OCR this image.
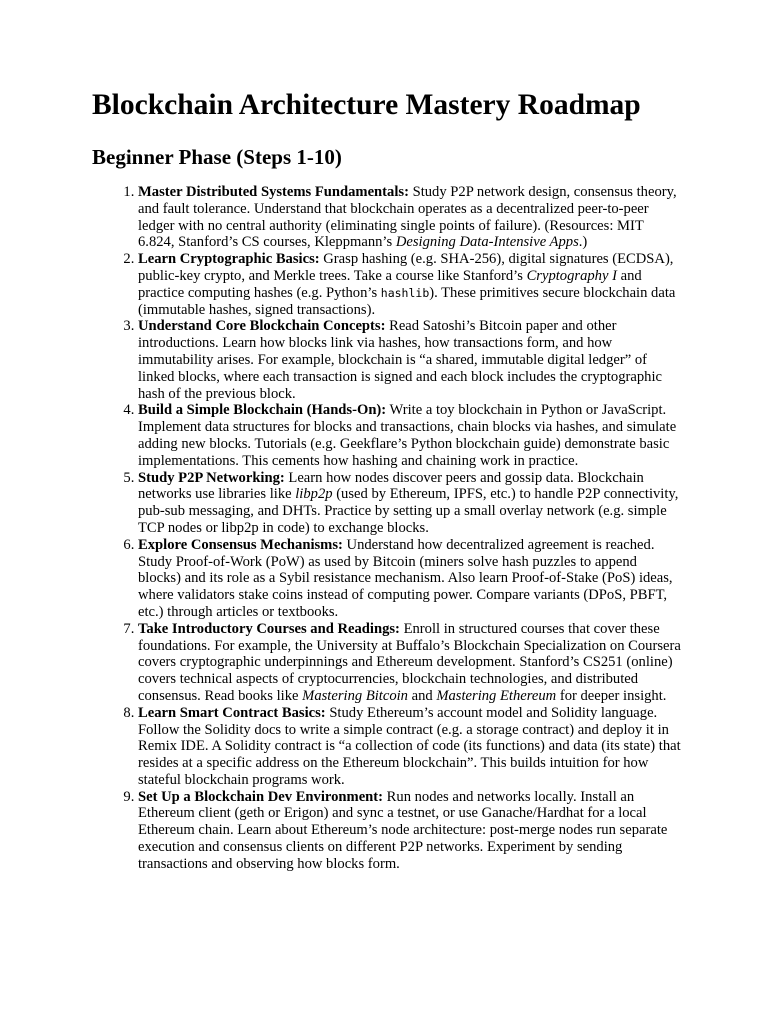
Blockchain Architecture Mastery Roadmap
Beginner Phase (Steps 1-10)
1. Master Distributed Systems Fundamentals: Study P2P network design, consensus theory, and fault tolerance. Understand that blockchain operates as a decentralized peer-to-peer ledger with no central authority (eliminating single points of failure). (Resources: MIT 6.824, Stanford’s CS courses, Kleppmann’s Designing Data-Intensive Apps.)
2. Learn Cryptographic Basics: Grasp hashing (e.g. SHA-256), digital signatures (ECDSA), public-key crypto, and Merkle trees. Take a course like Stanford’s Cryptography I and practice computing hashes (e.g. Python’s hashlib). These primitives secure blockchain data (immutable hashes, signed transactions).
3. Understand Core Blockchain Concepts: Read Satoshi’s Bitcoin paper and other introductions. Learn how blocks link via hashes, how transactions form, and how immutability arises. For example, blockchain is “a shared, immutable digital ledger” of linked blocks, where each transaction is signed and each block includes the cryptographic hash of the previous block.
4. Build a Simple Blockchain (Hands-On): Write a toy blockchain in Python or JavaScript. Implement data structures for blocks and transactions, chain blocks via hashes, and simulate adding new blocks. Tutorials (e.g. Geekflare’s Python blockchain guide) demonstrate basic implementations. This cements how hashing and chaining work in practice.
5. Study P2P Networking: Learn how nodes discover peers and gossip data. Blockchain networks use libraries like libp2p (used by Ethereum, IPFS, etc.) to handle P2P connectivity, pub-sub messaging, and DHTs. Practice by setting up a small overlay network (e.g. simple TCP nodes or libp2p in code) to exchange blocks.
6. Explore Consensus Mechanisms: Understand how decentralized agreement is reached. Study Proof-of-Work (PoW) as used by Bitcoin (miners solve hash puzzles to append blocks) and its role as a Sybil resistance mechanism. Also learn Proof-of-Stake (PoS) ideas, where validators stake coins instead of computing power. Compare variants (DPoS, PBFT, etc.) through articles or textbooks.
7. Take Introductory Courses and Readings: Enroll in structured courses that cover these foundations. For example, the University at Buffalo’s Blockchain Specialization on Coursera covers cryptographic underpinnings and Ethereum development. Stanford’s CS251 (online) covers technical aspects of cryptocurrencies, blockchain technologies, and distributed consensus. Read books like Mastering Bitcoin and Mastering Ethereum for deeper insight.
8. Learn Smart Contract Basics: Study Ethereum’s account model and Solidity language. Follow the Solidity docs to write a simple contract (e.g. a storage contract) and deploy it in Remix IDE. A Solidity contract is “a collection of code (its functions) and data (its state) that resides at a specific address on the Ethereum blockchain”. This builds intuition for how stateful blockchain programs work.
9. Set Up a Blockchain Dev Environment: Run nodes and networks locally. Install an Ethereum client (geth or Erigon) and sync a testnet, or use Ganache/Hardhat for a local Ethereum chain. Learn about Ethereum’s node architecture: post-merge nodes run separate execution and consensus clients on different P2P networks. Experiment by sending transactions and observing how blocks form.
